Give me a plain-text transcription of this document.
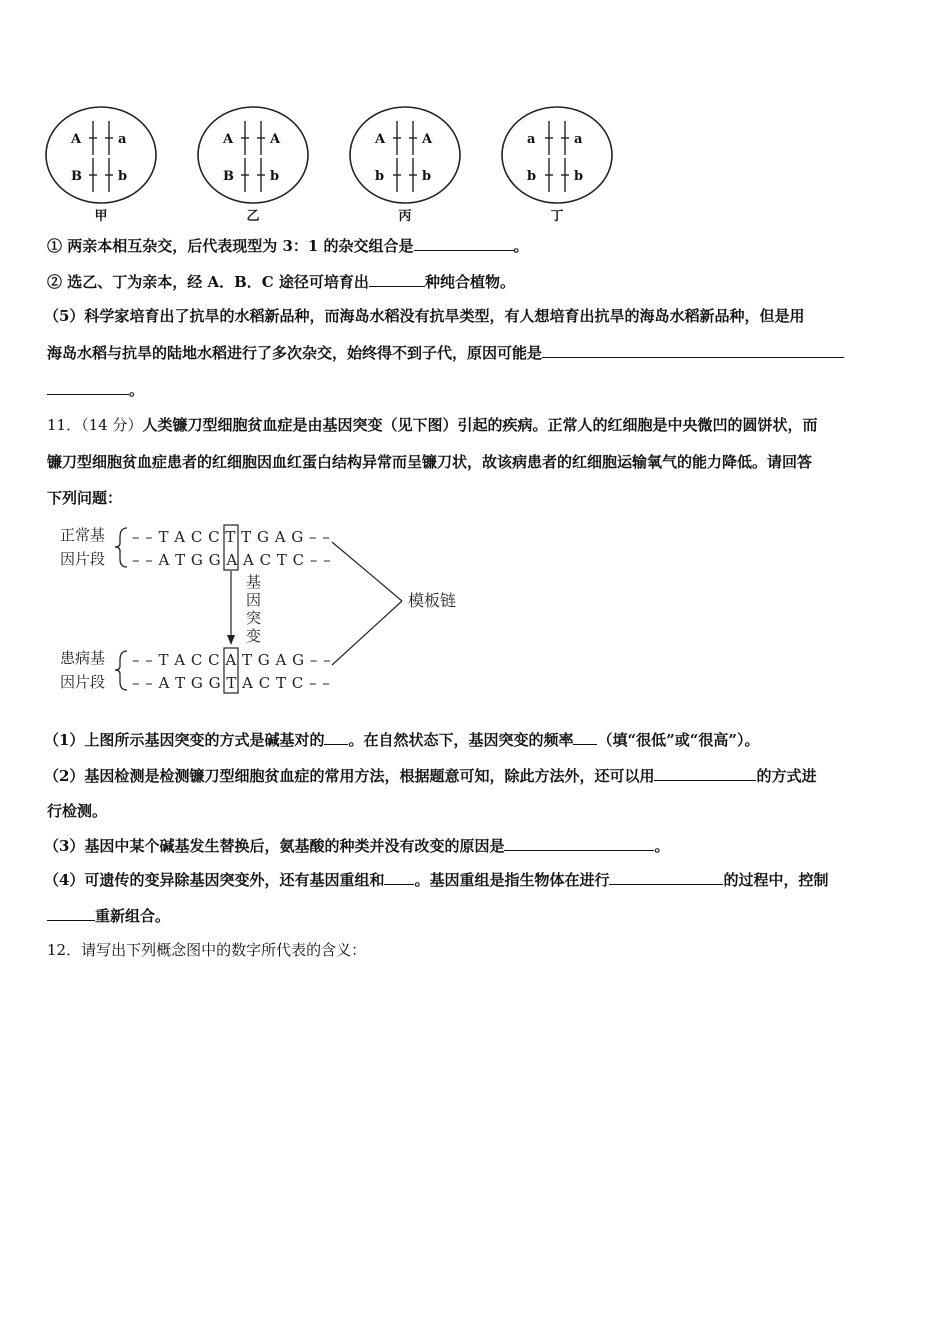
A	a
B	b
甲
A	A
B	b
乙
A	A
b	b
丙
a	a
b	b
丁
① 两亲本相互杂交，后代表现型为 3：1 的杂交组合是	。
② 选乙、丁为亲本，经 A．B．C 途径可培育出	种纯合植物。
（5）科学家培育出了抗旱的水稻新品种，而海岛水稻没有抗旱类型，有人想培育出抗旱的海岛水稻新品种，但是用
海岛水稻与抗旱的陆地水稻进行了多次杂交，始终得不到子代，原因可能是
。
11．（14 分）人类镰刀型细胞贫血症是由基因突变（见下图）引起的疾病。正常人的红细胞是中央微凹的圆饼状，而
镰刀型细胞贫血症患者的红细胞因血红蛋白结构异常而呈镰刀状，故该病患者的红细胞运输氧气的能力降低。请回答
下列问题：
正常基
因片段
患病基
因片段
– – T A C C T T G A G – –
– – A T G G A A C T C – –
– – T A C C A T G A G – –
– – A T G G T A C T C – –
基因突变
模板链
（1）上图所示基因突变的方式是碱基对的 。在自然状态下，基因突变的频率 （填“很低”或“很高”）。
（2）基因检测是检测镰刀型细胞贫血症的常用方法，根据题意可知，除此方法外，还可以用	的方式进
行检测。
（3）基因中某个碱基发生替换后，氨基酸的种类并没有改变的原因是	。
（4）可遗传的变异除基因突变外，还有基因重组和 。基因重组是指生物体在进行	的过程中，控制
重新组合。
12．请写出下列概念图中的数字所代表的含义：
